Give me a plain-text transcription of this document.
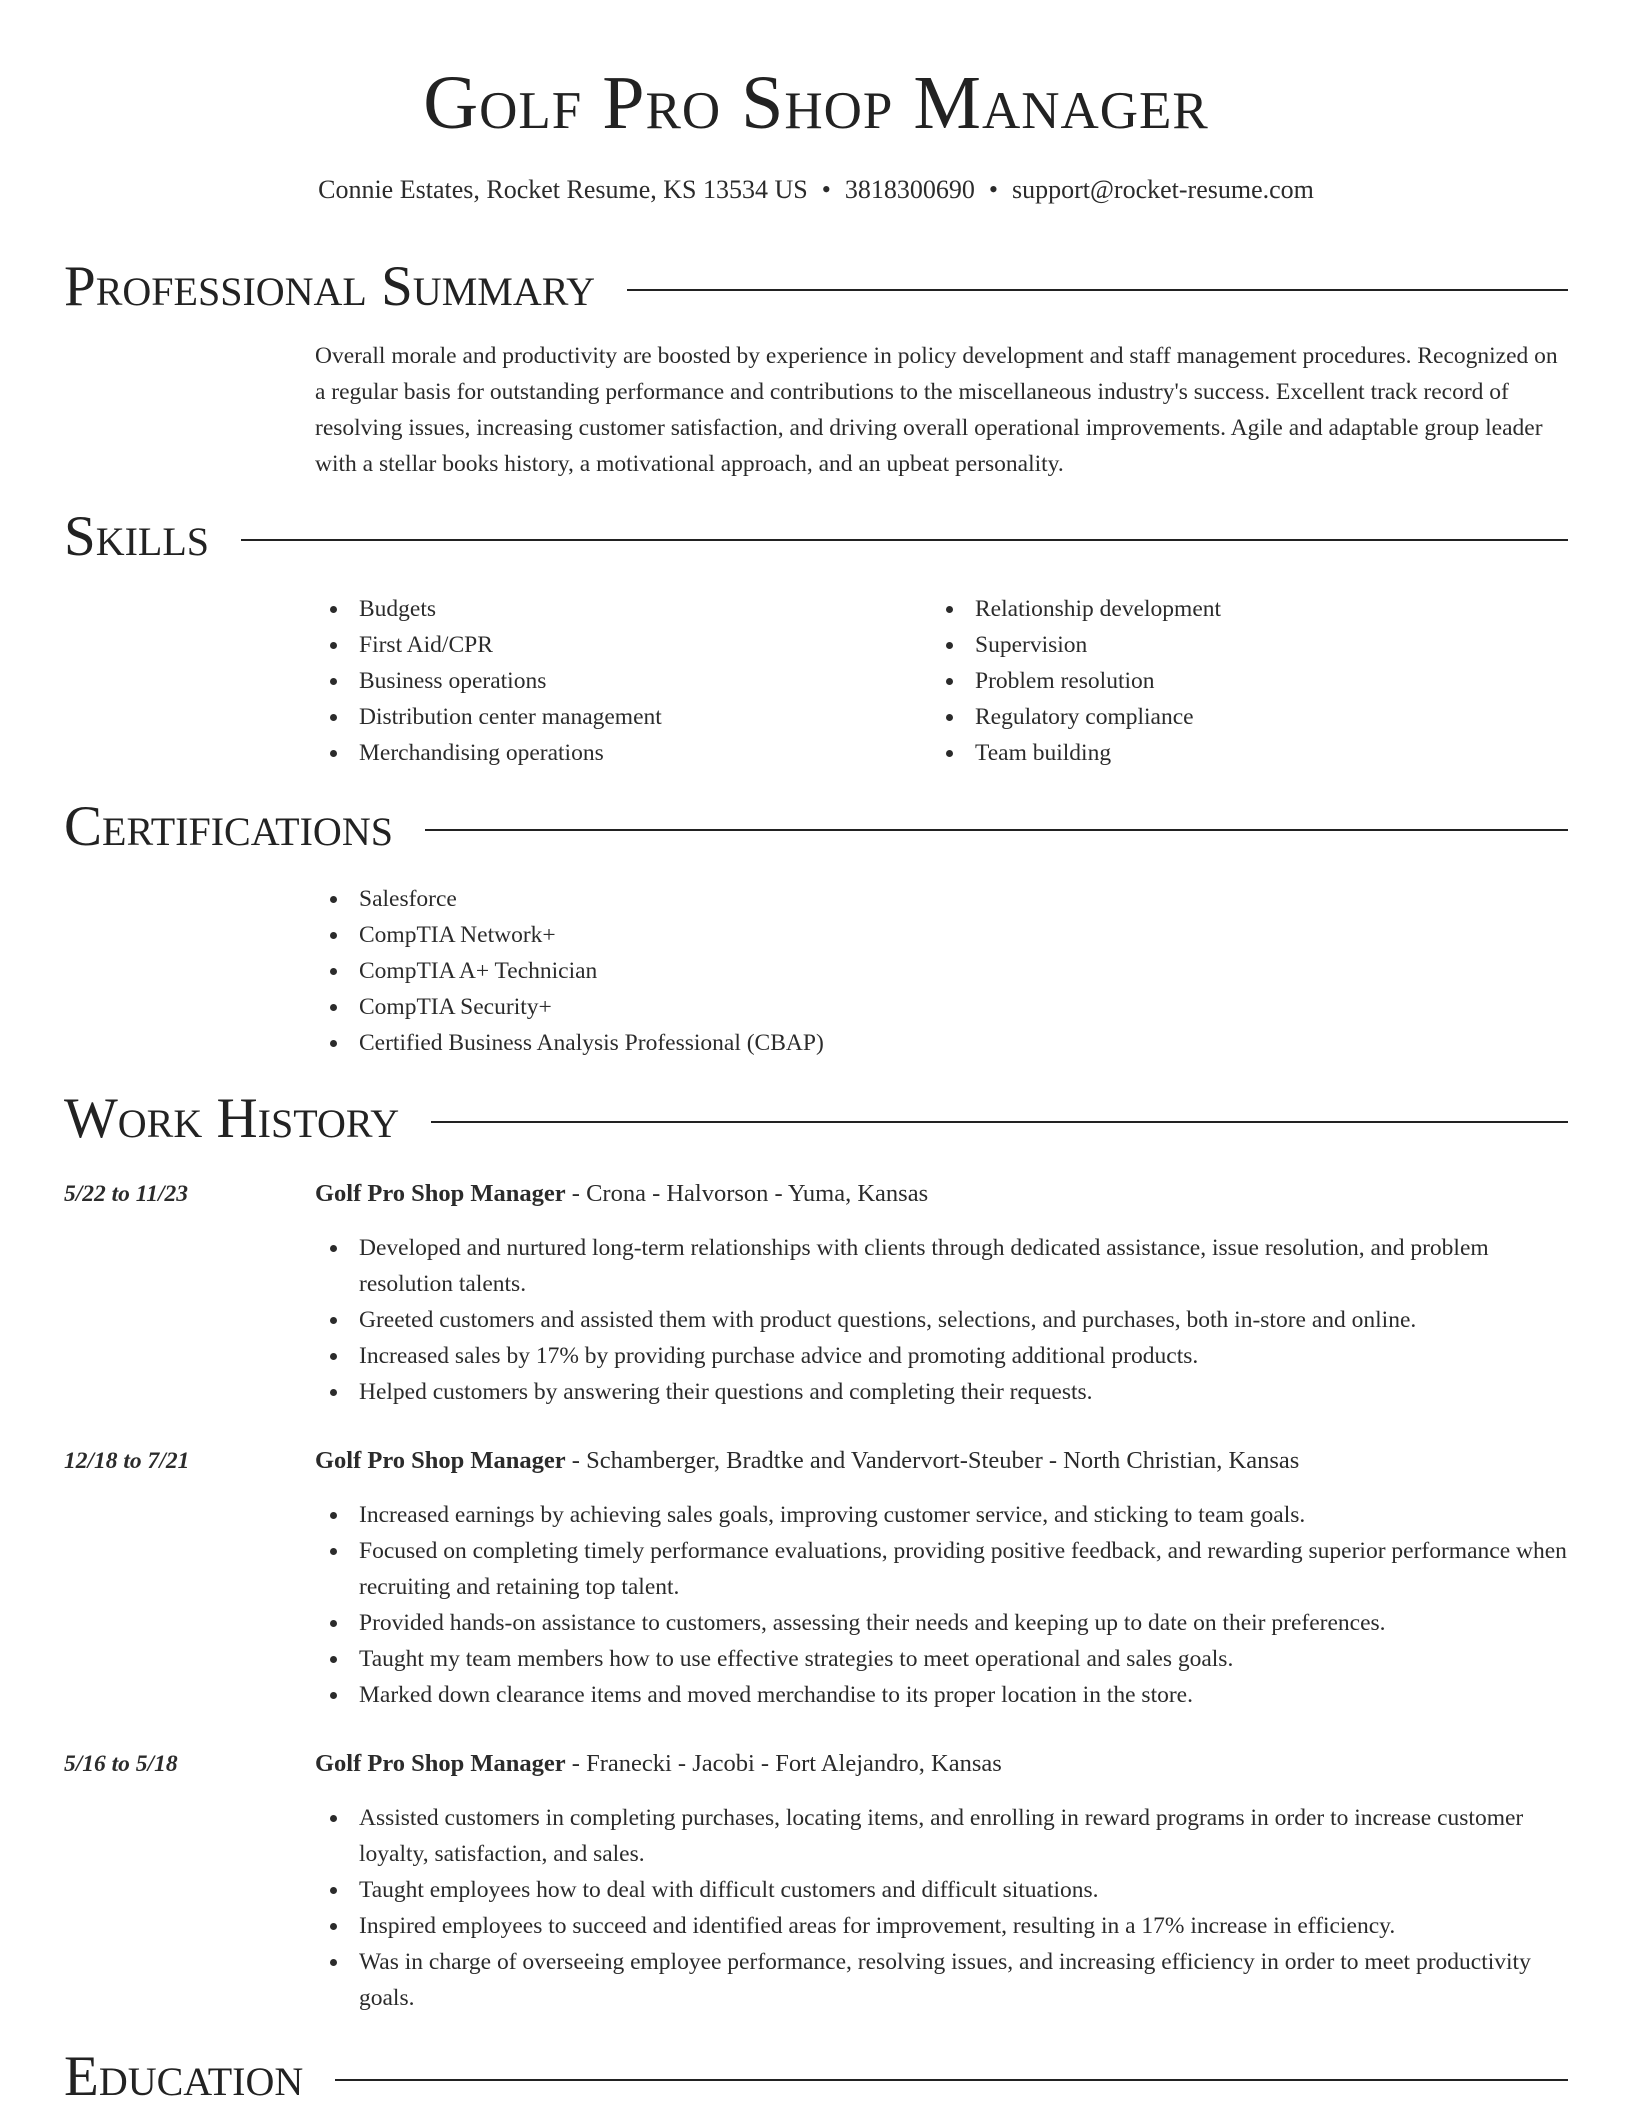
Golf Pro Shop Manager
Connie Estates, Rocket Resume, KS 13534 US • 3818300690 • support@rocket-resume.com
Professional Summary

Overall morale and productivity are boosted by experience in policy development and staff management procedures. Recognized on a regular basis for outstanding performance and contributions to the miscellaneous industry's success. Excellent track record of resolving issues, increasing customer satisfaction, and driving overall operational improvements. Agile and adaptable group leader with a stellar books history, a motivational approach, and an upbeat personality.

Skills
Budgets
First Aid/CPR
Business operations
Distribution center management
Merchandising operations
Relationship development
Supervision
Problem resolution
Regulatory compliance
Team building
Certifications
Salesforce
CompTIA Network+
CompTIA A+ Technician
CompTIA Security+
Certified Business Analysis Professional (CBAP)
Work History
5/22 to 11/23	Golf Pro Shop Manager - Crona - Halvorson - Yuma, Kansas
Developed and nurtured long-term relationships with clients through dedicated assistance, issue resolution, and problem resolution talents.
Greeted customers and assisted them with product questions, selections, and purchases, both in-store and online.
Increased sales by 17% by providing purchase advice and promoting additional products.
Helped customers by answering their questions and completing their requests.
12/18 to 7/21	Golf Pro Shop Manager - Schamberger, Bradtke and Vandervort-Steuber - North Christian, Kansas
Increased earnings by achieving sales goals, improving customer service, and sticking to team goals.
Focused on completing timely performance evaluations, providing positive feedback, and rewarding superior performance when recruiting and retaining top talent.
Provided hands-on assistance to customers, assessing their needs and keeping up to date on their preferences.
Taught my team members how to use effective strategies to meet operational and sales goals.
Marked down clearance items and moved merchandise to its proper location in the store.
5/16 to 5/18	Golf Pro Shop Manager - Franecki - Jacobi - Fort Alejandro, Kansas
Assisted customers in completing purchases, locating items, and enrolling in reward programs in order to increase customer loyalty, satisfaction, and sales.
Taught employees how to deal with difficult customers and difficult situations.
Inspired employees to succeed and identified areas for improvement, resulting in a 17% increase in efficiency.
Was in charge of overseeing employee performance, resolving issues, and increasing efficiency in order to meet productivity goals.
Education
